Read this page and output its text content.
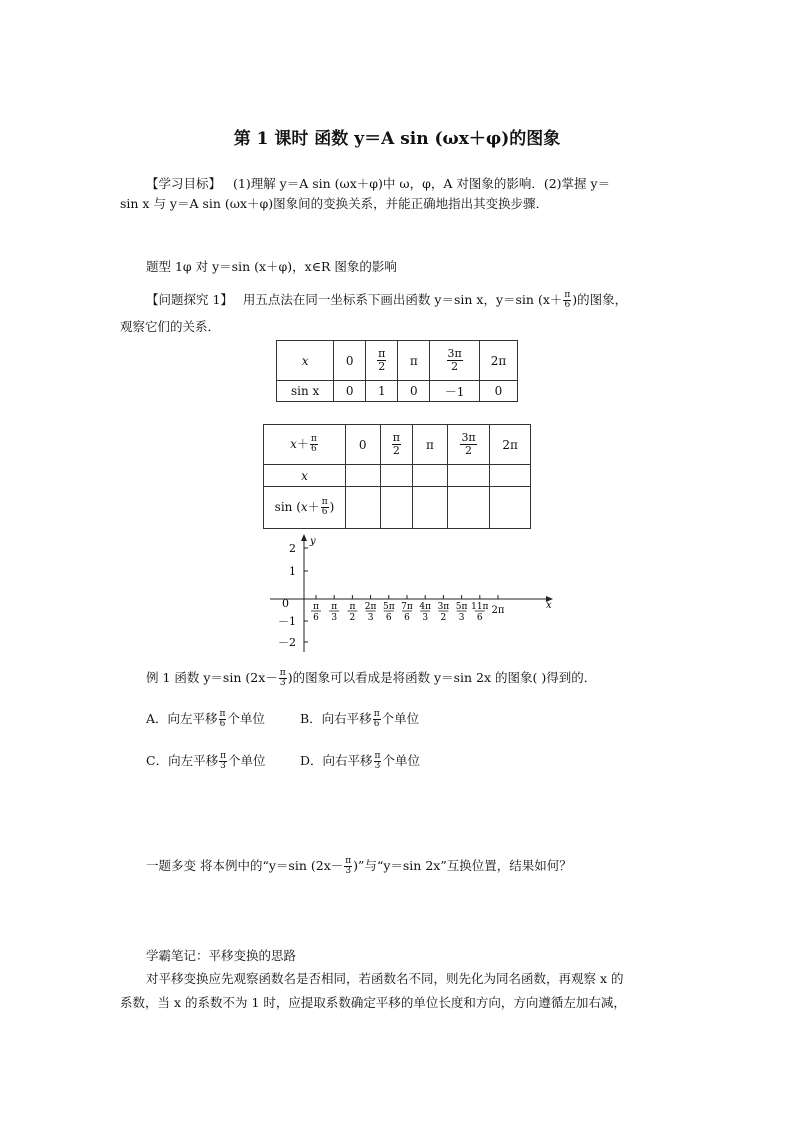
第 1 课时 函数 y＝A sin (ωx＋φ)的图象
【学习目标】 (1)理解 y＝A sin (ωx＋φ)中 ω，φ，A 对图象的影响．(2)掌握 y＝
sin x 与 y＝A sin (ωx＋φ)图象间的变换关系，并能正确地指出其变换步骤．
题型 1φ 对 y＝sin (x＋φ)，x∈R 图象的影响
【问题探究 1】 用五点法在同一坐标系下画出函数 y＝sin x，y＝sin ($x+ \frac{\pi}{6}$ )的图象，
观察它们的关系．
x	0	$\frac{\pi}{2}$	π	$\frac{3\pi}{2}$	2π
sin x	0	1	0	－1	0
$x+ \frac{\pi}{6}$	0	$\frac{\pi}{2}$	π	$\frac{3\pi}{2}$	2π
x					
$\sin (x+ \frac{\pi}{6}$ )					
y
x
2
1
0
－1
－2
π
6
π
3
π
2
2π
3
5π
6
7π
6
4π
3
3π
2
5π
3
11π
6
2π
例 1 函数 y＝sin ($2x- \frac{\pi}{3}$ )的图象可以看成是将函数 y＝sin 2x 的图象( )得到的．
A．向左平移 $\frac{\pi}{6}$ 个单位	B．向右平移 $\frac{\pi}{6}$ 个单位
C．向左平移 $\frac{\pi}{3}$ 个单位	D．向右平移 $\frac{\pi}{3}$ 个单位
一题多变 将本例中的“y＝sin ($2x- \frac{\pi}{3}$ )”与“y＝sin 2x”互换位置，结果如何？
学霸笔记：平移变换的思路
对平移变换应先观察函数名是否相同，若函数名不同，则先化为同名函数，再观察 x 的
系数，当 x 的系数不为 1 时，应提取系数确定平移的单位长度和方向，方向遵循左加右减，
